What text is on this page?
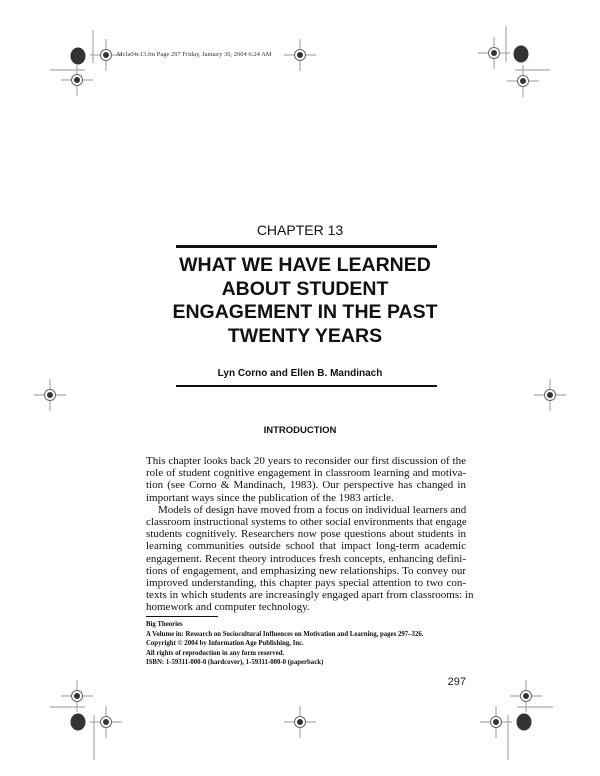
Mcla04c13.fm Page 297 Friday, January 30, 2004 6:24 AM
CHAPTER 13
WHAT WE HAVE LEARNED
ABOUT STUDENT
ENGAGEMENT IN THE PAST
TWENTY YEARS
Lyn Corno and Ellen B. Mandinach
INTRODUCTION
This chapter looks back 20 years to reconsider our first discussion of the
role of student cognitive engagement in classroom learning and motiva-
tion (see Corno & Mandinach, 1983). Our perspective has changed in
important ways since the publication of the 1983 article.
Models of design have moved from a focus on individual learners and
classroom instructional systems to other social environments that engage
students cognitively. Researchers now pose questions about students in
learning communities outside school that impact long-term academic
engagement. Recent theory introduces fresh concepts, enhancing defini-
tions of engagement, and emphasizing new relationships. To convey our
improved understanding, this chapter pays special attention to two con-
texts in which students are increasingly engaged apart from classrooms: in
homework and computer technology.
Big Theories
A Volume in: Research on Sociocultural Influences on Motivation and Learning, pages 297–326.
Copyright © 2004 by Information Age Publishing, Inc.
All rights of reproduction in any form reserved.
ISBN: 1-59311-000-0 (hardcover), 1-59311-000-0 (paperback)
297
